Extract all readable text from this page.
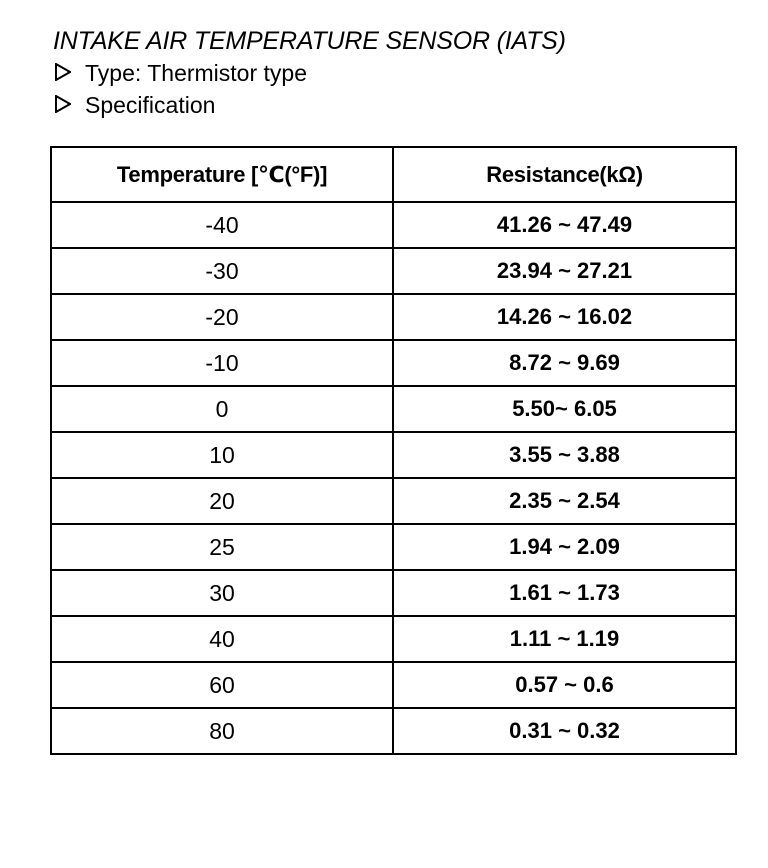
INTAKE AIR TEMPERATURE SENSOR (IATS)
Type: Thermistor type
Specification
Temperature [℃(°F)]	Resistance(kΩ)
-40	41.26 ~ 47.49
-30	23.94 ~ 27.21
-20	14.26 ~ 16.02
-10	8.72 ~ 9.69
0	5.50~ 6.05
10	3.55 ~ 3.88
20	2.35 ~ 2.54
25	1.94 ~ 2.09
30	1.61 ~ 1.73
40	1.11 ~ 1.19
60	0.57 ~ 0.6
80	0.31 ~ 0.32
